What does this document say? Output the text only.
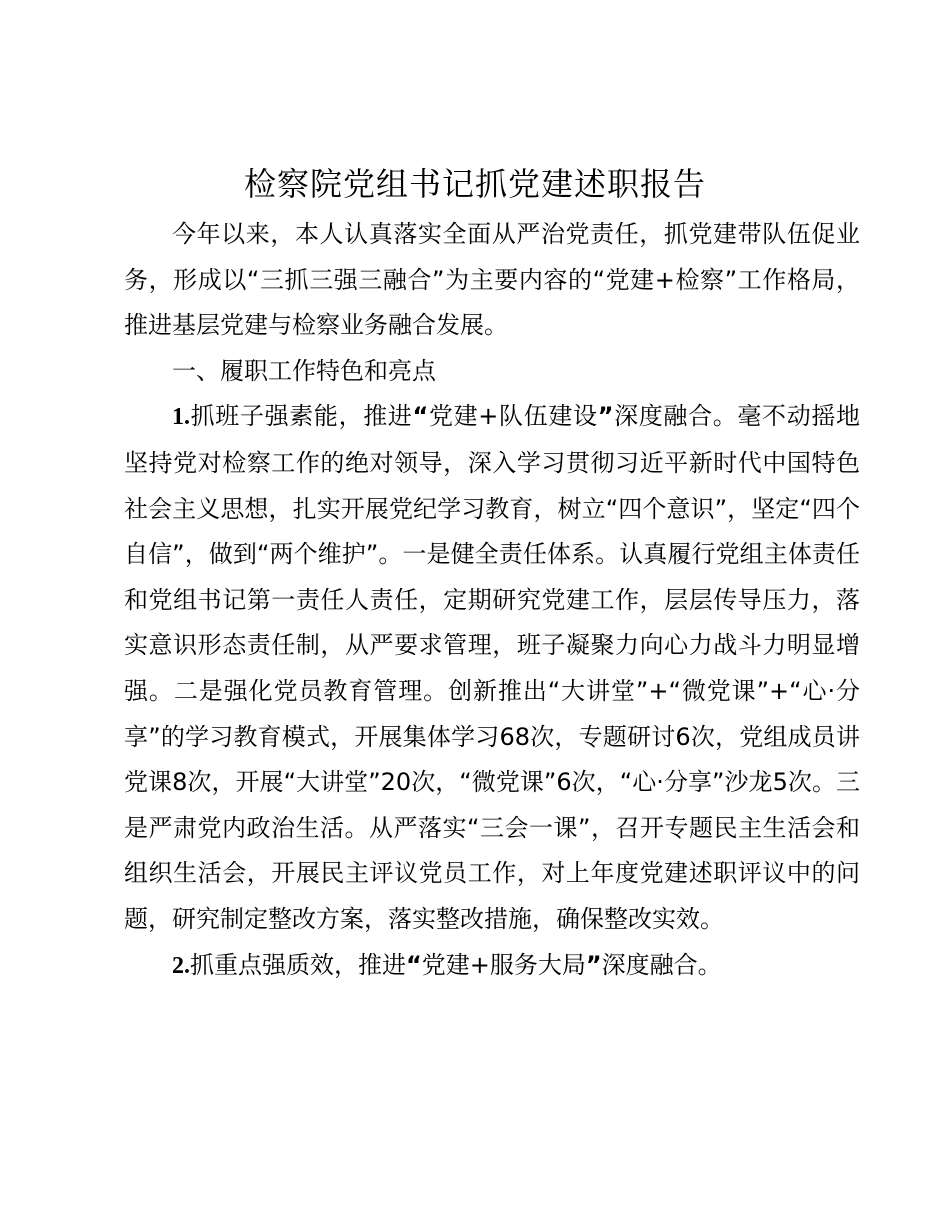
检察院党组书记抓党建述职报告

今年以来，本人认真落实全面从严治党责任，抓党建带队伍促业务，形成以“三抓三强三融合”为主要内容的“党建+检察”工作格局，推进基层党建与检察业务融合发展。

一、履职工作特色和亮点

1.抓班子强素能，推进“党建+队伍建设”深度融合。毫不动摇地坚持党对检察工作的绝对领导，深入学习贯彻习近平新时代中国特色社会主义思想，扎实开展党纪学习教育，树立“四个意识”，坚定“四个自信”，做到“两个维护”。一是健全责任体系。认真履行党组主体责任和党组书记第一责任人责任，定期研究党建工作，层层传导压力，落实意识形态责任制，从严要求管理，班子凝聚力向心力战斗力明显增强。二是强化党员教育管理。创新推出“大讲堂”+“微党课”+“心·分享”的学习教育模式，开展集体学习68次，专题研讨6次，党组成员讲党课8次，开展“大讲堂”20次，“微党课”6次，“心·分享”沙龙5次。三是严肃党内政治生活。从严落实“三会一课”，召开专题民主生活会和组织生活会，开展民主评议党员工作，对上年度党建述职评议中的问题，研究制定整改方案，落实整改措施，确保整改实效。

2.抓重点强质效，推进“党建+服务大局”深度融合。
